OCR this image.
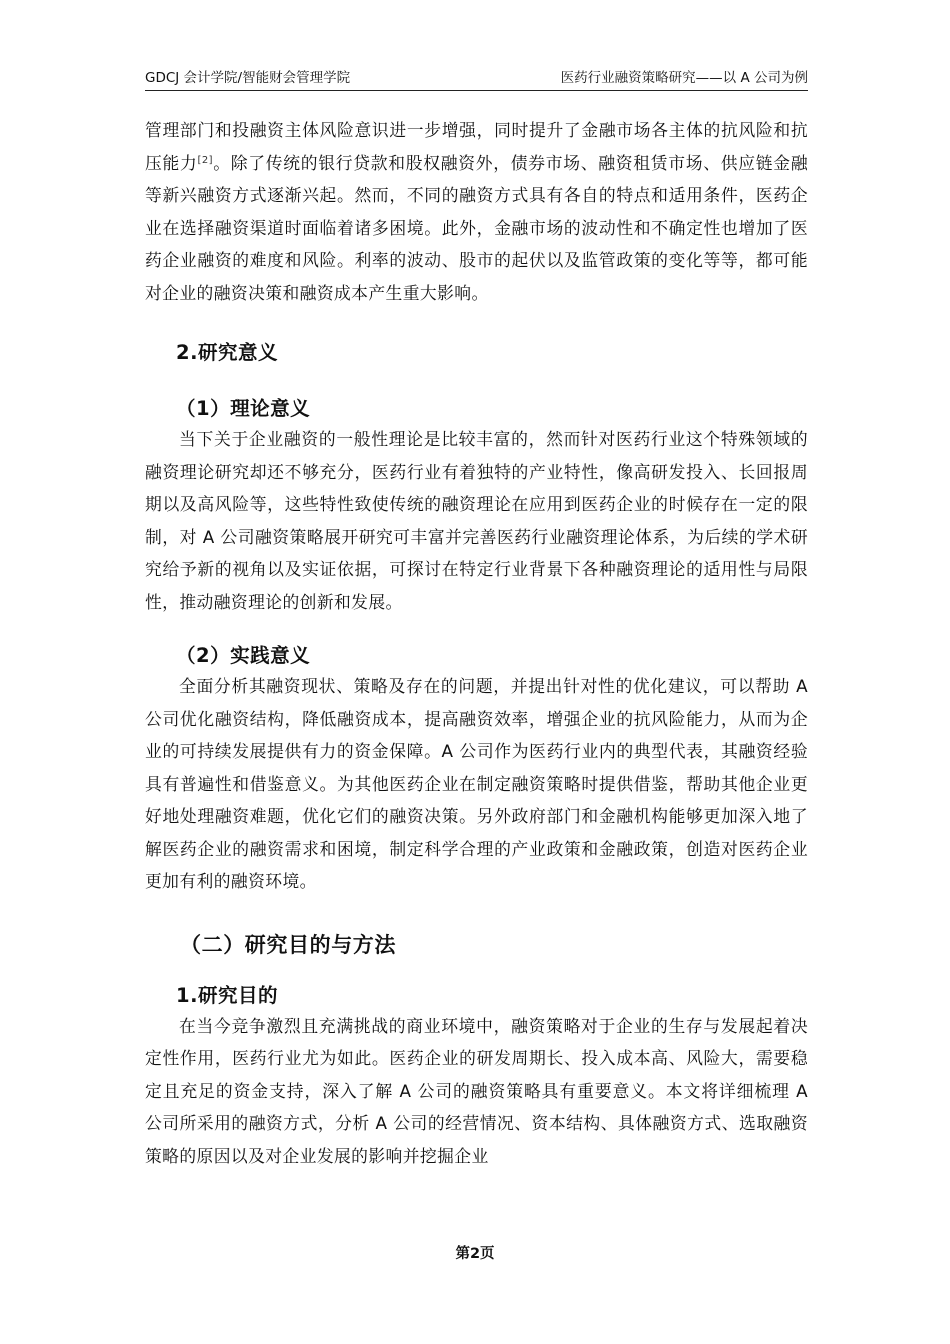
GDCJ 会计学院/智能财会管理学院	医药行业融资策略研究——以 A 公司为例

管理部门和投融资主体风险意识进一步增强，同时提升了金融市场各主体的抗风险和抗压能力[2]。除了传统的银行贷款和股权融资外，债券市场、融资租赁市场、供应链金融等新兴融资方式逐渐兴起。然而，不同的融资方式具有各自的特点和适用条件，医药企业在选择融资渠道时面临着诸多困境。此外，金融市场的波动性和不确定性也增加了医药企业融资的难度和风险。利率的波动、股市的起伏以及监管政策的变化等等，都可能对企业的融资决策和融资成本产生重大影响。

2.研究意义
（1）理论意义

当下关于企业融资的一般性理论是比较丰富的，然而针对医药行业这个特殊领域的融资理论研究却还不够充分，医药行业有着独特的产业特性，像高研发投入、长回报周期以及高风险等，这些特性致使传统的融资理论在应用到医药企业的时候存在一定的限制，对 A 公司融资策略展开研究可丰富并完善医药行业融资理论体系，为后续的学术研究给予新的视角以及实证依据，可探讨在特定行业背景下各种融资理论的适用性与局限性，推动融资理论的创新和发展。

（2）实践意义

全面分析其融资现状、策略及存在的问题，并提出针对性的优化建议，可以帮助 A 公司优化融资结构，降低融资成本，提高融资效率，增强企业的抗风险能力，从而为企业的可持续发展提供有力的资金保障。A 公司作为医药行业内的典型代表，其融资经验具有普遍性和借鉴意义。为其他医药企业在制定融资策略时提供借鉴，帮助其他企业更好地处理融资难题，优化它们的融资决策。另外政府部门和金融机构能够更加深入地了解医药企业的融资需求和困境，制定科学合理的产业政策和金融政策，创造对医药企业更加有利的融资环境。

（二）研究目的与方法
1.研究目的

在当今竞争激烈且充满挑战的商业环境中，融资策略对于企业的生存与发展起着决定性作用，医药行业尤为如此。医药企业的研发周期长、投入成本高、风险大，需要稳定且充足的资金支持，深入了解 A 公司的融资策略具有重要意义。本文将详细梳理 A 公司所采用的融资方式，分析 A 公司的经营情况、资本结构、具体融资方式、选取融资策略的原因以及对企业发展的影响并挖掘企业

第2页
